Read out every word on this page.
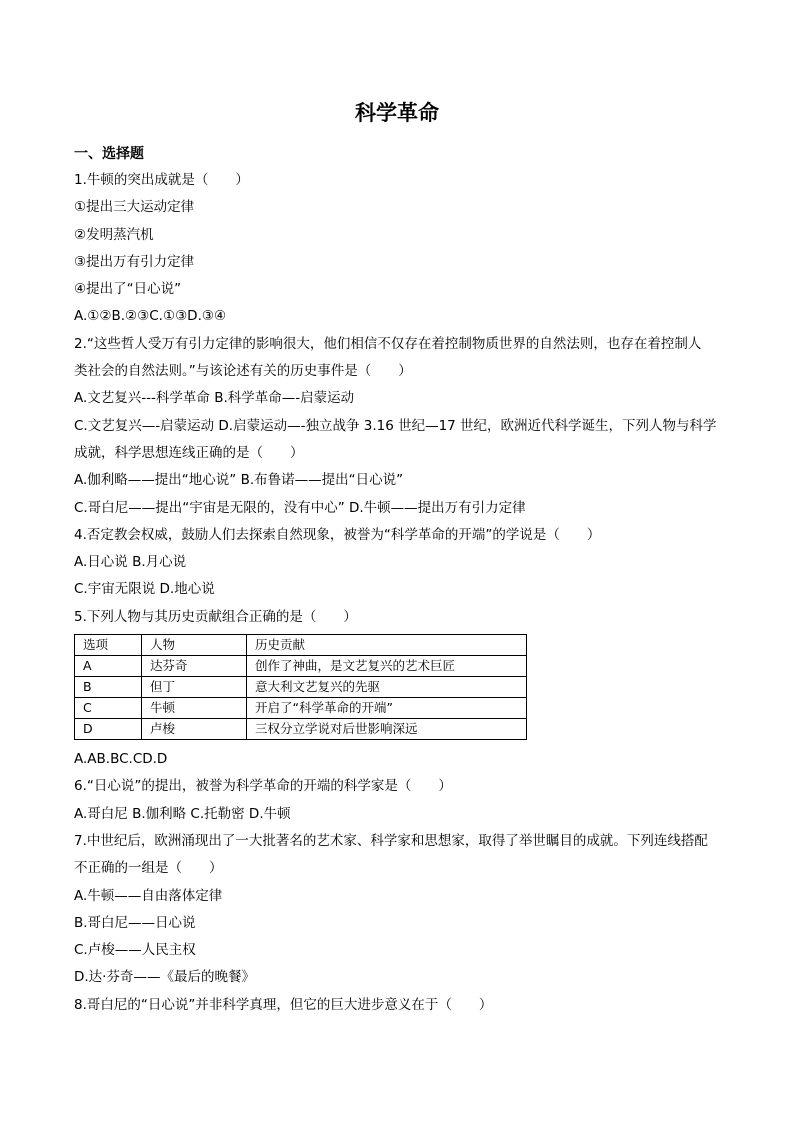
科学革命
一、选择题
1.牛顿的突出成就是（　　）
①提出三大运动定律
②发明蒸汽机
③提出万有引力定律
④提出了“日心说”
A.①②B.②③C.①③D.③④
2.“这些哲人受万有引力定律的影响很大，他们相信不仅存在着控制物质世界的自然法则，也存在着控制人
类社会的自然法则。”与该论述有关的历史事件是（　　）
A.文艺复兴---科学革命 B.科学革命—-启蒙运动
C.文艺复兴—-启蒙运动 D.启蒙运动—-独立战争 3.16 世纪—17 世纪，欧洲近代科学诞生，下列人物与科学
成就，科学思想连线正确的是（　　）
A.伽利略——提出“地心说” B.布鲁诺——提出“日心说”
C.哥白尼——提出“宇宙是无限的，没有中心” D.牛顿——提出万有引力定律
4.否定教会权威，鼓励人们去探索自然现象，被誉为“科学革命的开端”的学说是（　　）
A.日心说 B.月心说
C.宇宙无限说 D.地心说
5.下列人物与其历史贡献组合正确的是（　　）
选项	人物	历史贡献
A	达芬奇	创作了神曲，是文艺复兴的艺术巨匠
B	但丁	意大利文艺复兴的先驱
C	牛顿	开启了“科学革命的开端”
D	卢梭	三权分立学说对后世影响深远
A.AB.BC.CD.D
6.“日心说”的提出，被誉为科学革命的开端的科学家是（　　）
A.哥白尼 B.伽利略 C.托勒密 D.牛顿
7.中世纪后，欧洲涌现出了一大批著名的艺术家、科学家和思想家，取得了举世瞩目的成就。下列连线搭配
不正确的一组是（　　）
A.牛顿——自由落体定律
B.哥白尼——日心说
C.卢梭——人民主权
D.达·芬奇——《最后的晚餐》
8.哥白尼的“日心说”并非科学真理，但它的巨大进步意义在于（　　）
